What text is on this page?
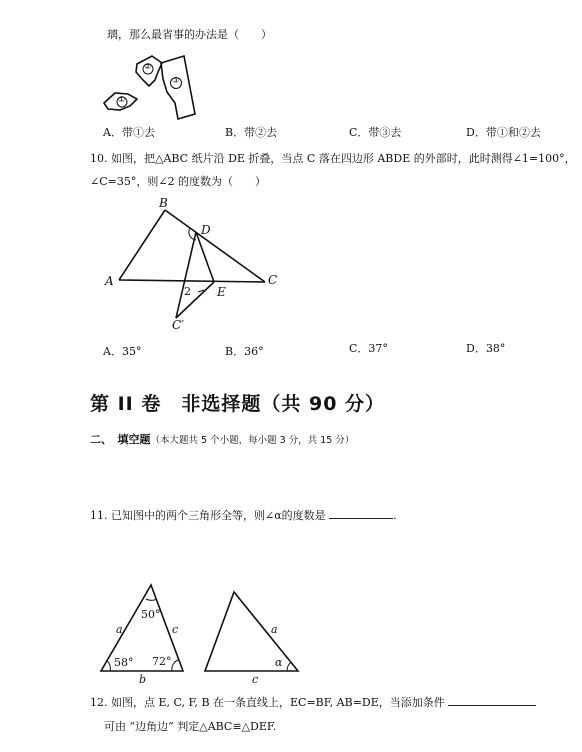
璃，那么最省事的办法是（　　）
①
②
③
A．带①去	B．带②去	C．带③去	D．带①和②去
10. 如图，把△ABC 纸片沿 DE 折叠，当点 C 落在四边形 ABDE 的外部时，此时测得∠1=100°，
∠C=35°，则∠2 的度数为（　　）
B
D
A	C
E
C′
2
A．35°	B．36°	C．37°	D．38°
第 II 卷　非选择题（共 90 分）
二、　填空题（本大题共 5 个小题，每小题 3 分，共 15 分）
11. 已知图中的两个三角形全等，则∠α的度数是	.
a	c
b
50°
58° 72°
a
c
α
12. 如图，点 E, C, F, B 在一条直线上，EC=BF, AB=DE，当添加条件
可由 “边角边” 判定△ABC≌△DEF.
